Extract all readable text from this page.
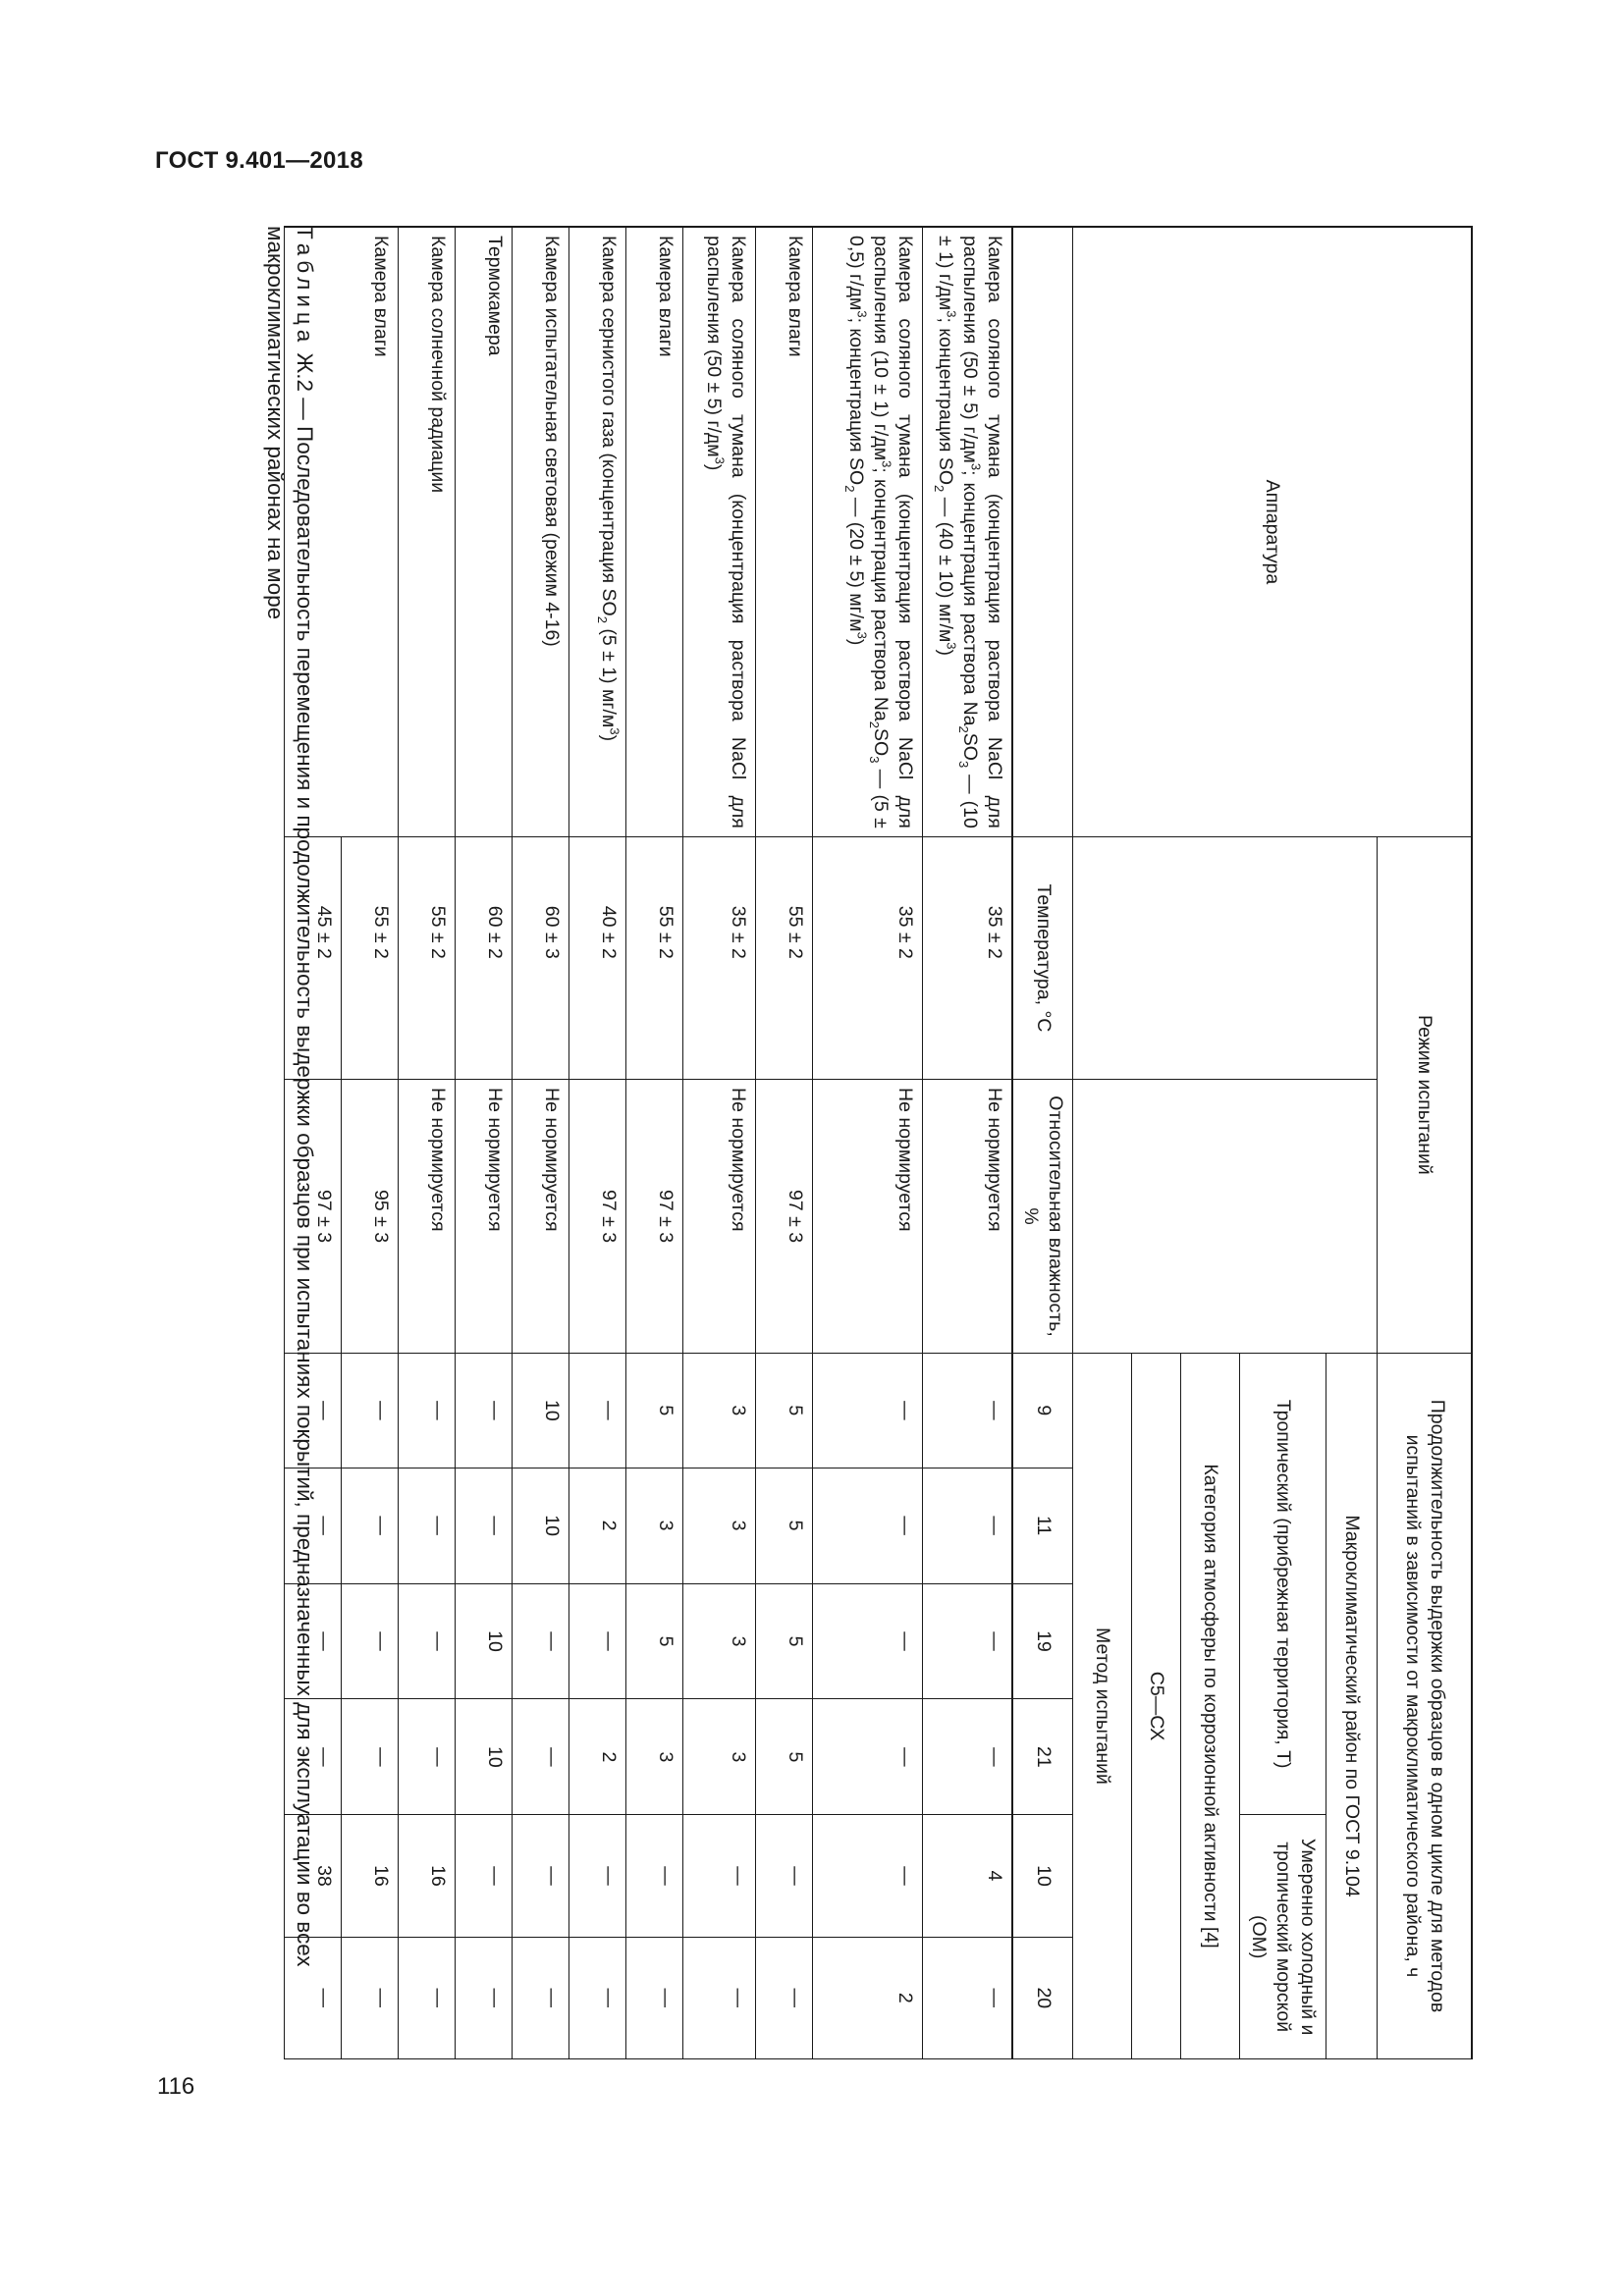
ГОСТ 9.401—2018
116
Аппаратура	Режим испытаний		Продолжительность выдержки образцов в одном цикле для методов испытаний в зависимости от макроклиматического района, ч					
			Макроклиматический район по ГОСТ 9.104					
			Тропический (прибрежная территория, Т)				Умеренно холодный и тропический морской (ОМ)	
			Категория атмосферы по коррозионной активности [4]					
			С5—СХ					
			Метод испытаний					
	Температура, °С	Относительная влажность, %	9	11	19	21	10	20
Камера соляного тумана (концентрация раствора NaCl для распыления (50 ± 5) $г/дм^3$; концентрация раствора $Na_2SO_3$ — (10 ± 1) $г/дм^3$; концентрация $SO_2$ — (40 ± 10) $мг/м^3$)	35 ± 2	Не нормируется	—	—	—	—	4	—
Камера соляного тумана (концентрация раствора NaCl для распыления (10 ± 1) $г/дм^3$; концентрация раствора $Na_2SO_3$ — (5 ± 0,5) $г/дм^3$; концентрация $SO_2$ — (20 ± 5) $мг/м^3$)	35 ± 2	Не нормируется	—	—	—	—	—	2
Камера влаги	55 ± 2	97 ± 3	5	5	5	5	—	—
Камера соляного тумана (концентрация раствора NaCl для распыления (50 ± 5) $г/дм^3$)	35 ± 2	Не нормируется	3	3	3	3	—	—
Камера влаги	55 ± 2	97 ± 3	5	3	5	3	—	—
Камера сернистого газа (концентрация $SO_2$ (5 ± 1) $мг/м^3$)	40 ± 2	97 ± 3	—	2	—	2	—	—
Камера испытательная световая (режим 4-16)	60 ± 3	Не нормируется	10	10	—	—	—	—
Термокамера	60 ± 2	Не нормируется	—	—	10	10	—	—
Камера солнечной радиации	55 ± 2	Не нормируется	—	—	—	—	16	—
Камера влаги	55 ± 2	95 ± 3	—	—	—	—	16	—
	45 ± 2	97 ± 3	—	—	—	—	38	—
Таблица Ж.2 — Последовательность перемещения и продолжительность выдержки образцов при испытаниях покрытий, предназначенных для эксплуатации во всех макроклиматических районах на море
